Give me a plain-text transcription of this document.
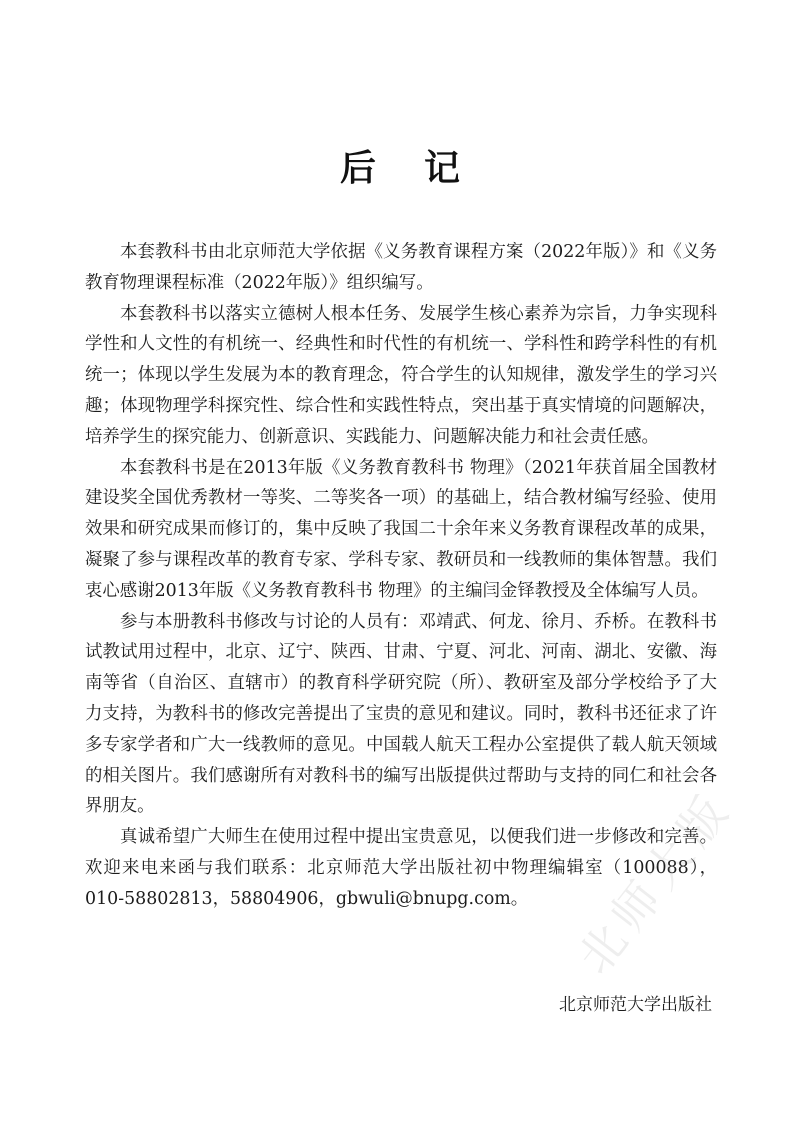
后记

本套教科书由北京师范大学依据《义务教育课程方案（2022年版）》和《义务教育物理课程标准（2022年版）》组织编写。

本套教科书以落实立德树人根本任务、发展学生核心素养为宗旨，力争实现科学性和人文性的有机统一、经典性和时代性的有机统一、学科性和跨学科性的有机统一；体现以学生发展为本的教育理念，符合学生的认知规律，激发学生的学习兴趣；体现物理学科探究性、综合性和实践性特点，突出基于真实情境的问题解决，培养学生的探究能力、创新意识、实践能力、问题解决能力和社会责任感。

本套教科书是在2013年版《义务教育教科书 物理》（2021年获首届全国教材建设奖全国优秀教材一等奖、二等奖各一项）的基础上，结合教材编写经验、使用效果和研究成果而修订的，集中反映了我国二十余年来义务教育课程改革的成果，凝聚了参与课程改革的教育专家、学科专家、教研员和一线教师的集体智慧。我们衷心感谢2013年版《义务教育教科书 物理》的主编闫金铎教授及全体编写人员。

参与本册教科书修改与讨论的人员有：邓靖武、何龙、徐月、乔桥。在教科书试教试用过程中，北京、辽宁、陕西、甘肃、宁夏、河北、河南、湖北、安徽、海南等省（自治区、直辖市）的教育科学研究院（所）、教研室及部分学校给予了大力支持，为教科书的修改完善提出了宝贵的意见和建议。同时，教科书还征求了许多专家学者和广大一线教师的意见。中国载人航天工程办公室提供了载人航天领域的相关图片。我们感谢所有对教科书的编写出版提供过帮助与支持的同仁和社会各界朋友。

真诚希望广大师生在使用过程中提出宝贵意见，以便我们进一步修改和完善。欢迎来电来函与我们联系：北京师范大学出版社初中物理编辑室（100088），010-58802813，58804906，gbwuli@bnupg.com。

北京师范大学出版社
北师大版
